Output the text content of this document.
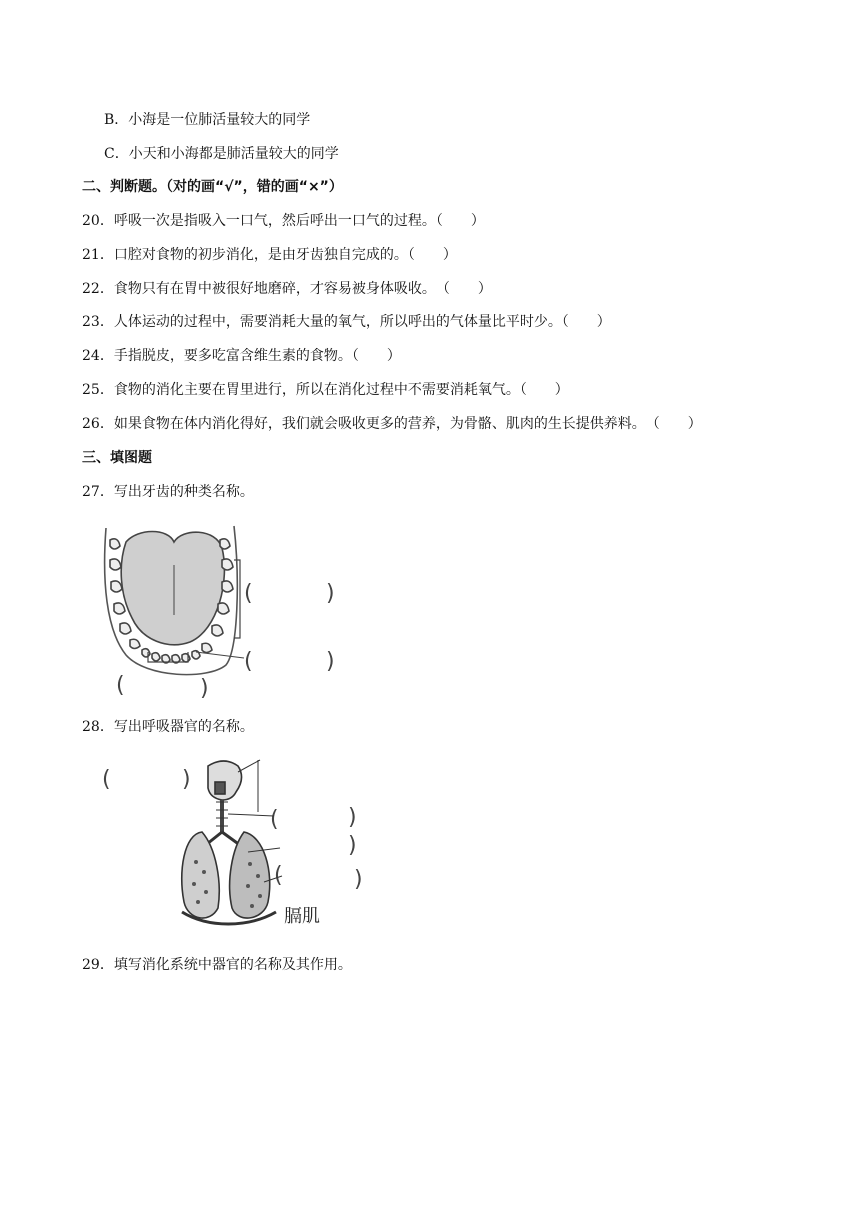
B．小海是一位肺活量较大的同学
C．小天和小海都是肺活量较大的同学
二、判断题。（对的画“√”，错的画“×”）
20．呼吸一次是指吸入一口气，然后呼出一口气的过程。（　　）
21．口腔对食物的初步消化，是由牙齿独自完成的。（　　）
22．食物只有在胃中被很好地磨碎，才容易被身体吸收。　（　　）
23．人体运动的过程中，需要消耗大量的氧气，所以呼出的气体量比平时少。（　　）
24．手指脱皮，要多吃富含维生素的食物。（　　）
25．食物的消化主要在胃里进行，所以在消化过程中不需要消耗氧气。（　　）
26．如果食物在体内消化得好，我们就会吸收更多的营养，为骨骼、肌肉的生长提供养料。　（　　）
三、填图题
27．写出牙齿的种类名称。
(	)
(	)
(	)
28．写出呼吸器官的名称。
(	)
(	)
)
(	)
膈肌
29．填写消化系统中器官的名称及其作用。
